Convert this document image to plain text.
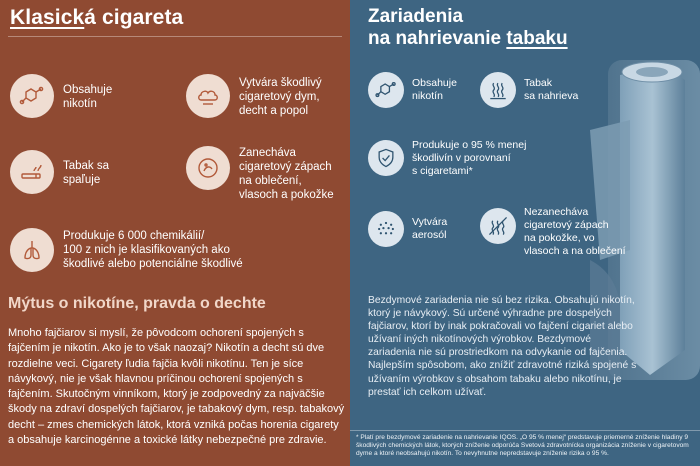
Klasická cigareta
Obsahuje
nikotín
Vytvára škodlivý
cigaretový dym,
decht a popol
Tabak sa
spaľuje
Zanecháva
cigaretový zápach
na oblečení,
vlasoch a pokožke
Produkuje 6 000 chemikálií/
100 z nich je klasifikovaných ako
škodlivé alebo potenciálne škodlivé
Mýtus o nikotíne, pravda o dechte
Mnoho fajčiarov si myslí, že pôvodcom ochorení spojených s fajčením je nikotín. Ako je to však naozaj? Nikotín a decht sú dve rozdielne veci. Cigarety ľudia fajčia kvôli nikotínu. Ten je síce návykový, nie je však hlavnou príčinou ochorení spojených s fajčením. Skutočným vinníkom, ktorý je zodpovedný za najväčšie škody na zdraví dospelých fajčiarov, je tabakový dym, resp. tabakový decht – zmes chemických látok, ktorá vzniká počas horenia cigarety a obsahuje karcinogénne a toxické látky nebezpečné pre zdravie.
Zariadenia
na nahrievanie tabaku
Obsahuje
nikotín
Tabak
sa nahrieva
Produkuje o 95 % menej
škodlivín v porovnaní
s cigaretami*
Vytvára
aerosól
Nezanecháva
cigaretový zápach
na pokožke, vo
vlasoch a na oblečení
Bezdymové zariadenia nie sú bez rizika. Obsahujú nikotín, ktorý je návykový. Sú určené výhradne pre dospelých fajčiarov, ktorí by inak pokračovali vo fajčení cigariet alebo užívaní iných nikotínových výrobkov. Bezdymové zariadenia nie sú prostriedkom na odvykanie od fajčenia. Najlepším spôsobom, ako znížiť zdravotné riziká spojené s užívaním výrobkov s obsahom tabaku alebo nikotínu, je prestať ich celkom užívať.
* Platí pre bezdymové zariadenie na nahrievanie IQOS. „O 95 % menej“ predstavuje priemerné zníženie hladiny 9 škodlivých chemických látok, ktorých zníženie odporúča Svetová zdravotnícka organizácia zníženie v cigaretovom dyme a ktoré neobsahujú nikotín. To nevyhnutne nepredstavuje zníženie rizika o 95 %.
